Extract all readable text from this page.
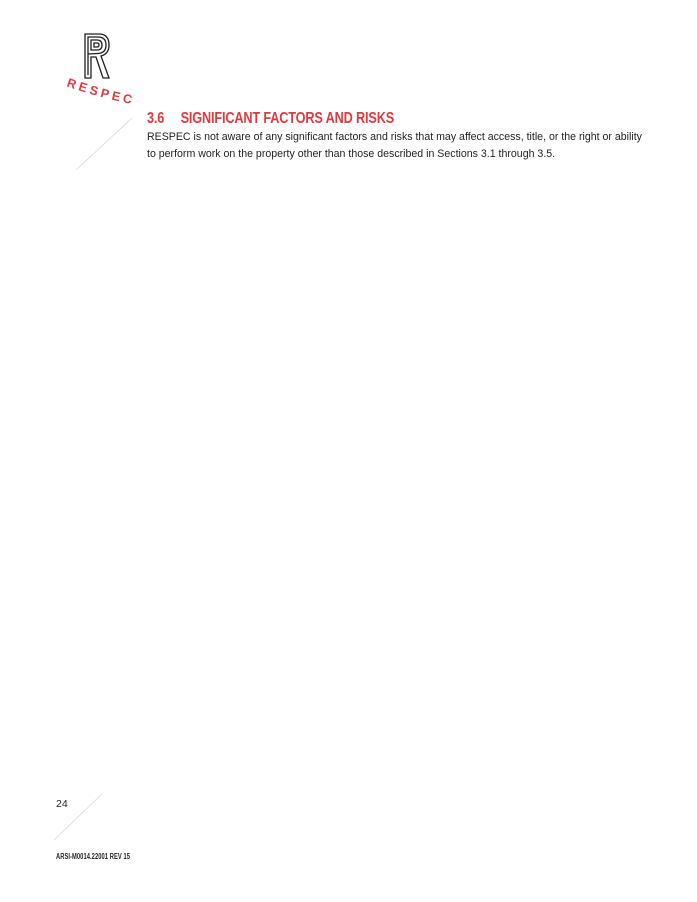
RESPEC
3.6	SIGNIFICANT FACTORS AND RISKS

RESPEC is not aware of any significant factors and risks that may affect access, title, or the right or ability to perform work on the property other than those described in Sections 3.1 through 3.5.

24
ARSI-M0014.22001 REV 15
